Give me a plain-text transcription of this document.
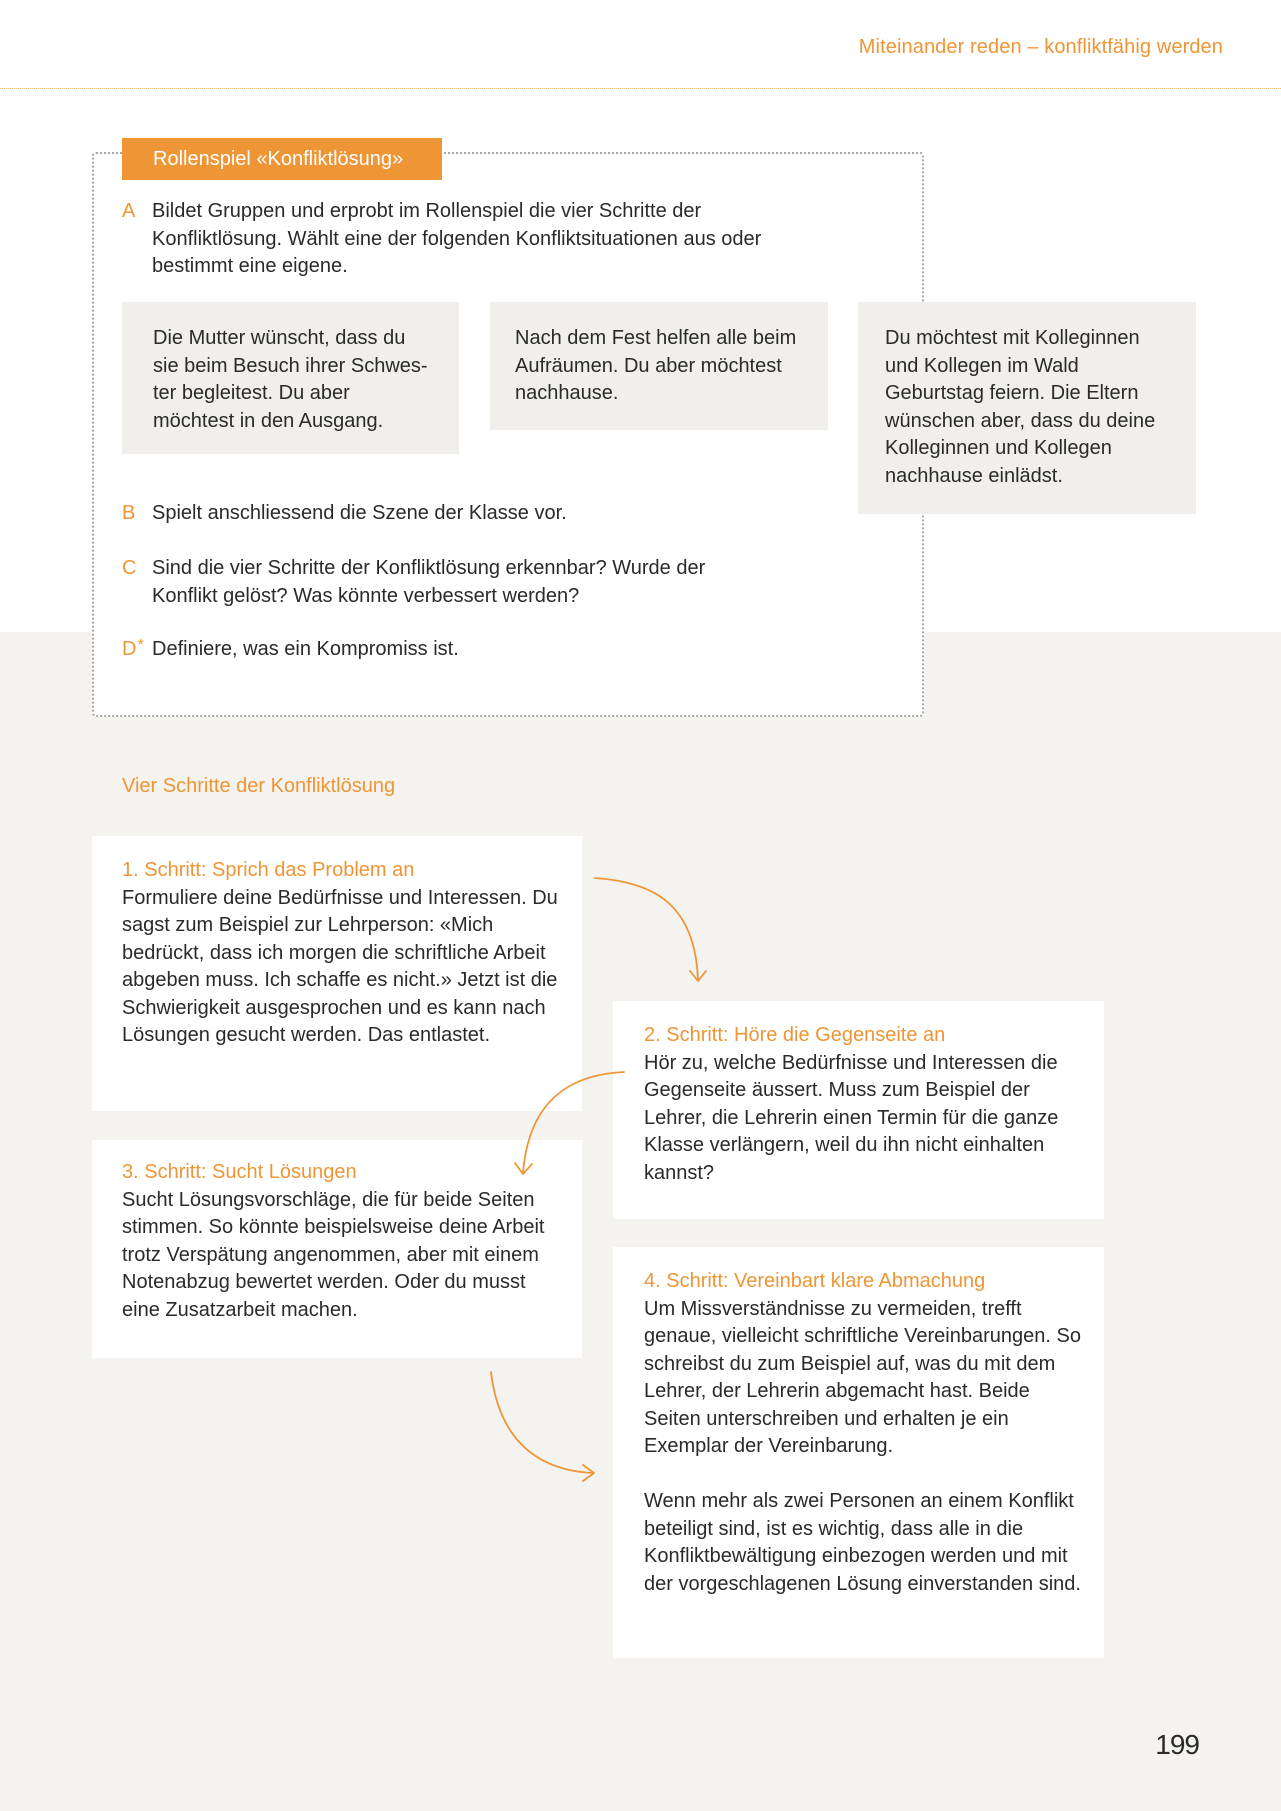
Miteinander reden – konfliktfähig werden
Rollenspiel «Konfliktlösung»
A Bildet Gruppen und erprobt im Rollenspiel die vier Schritte der Konfliktlösung. Wählt eine der folgenden Konfliktsituationen aus oder bestimmt eine eigene.
Die Mutter wünscht, dass du sie beim Besuch ihrer Schwes-ter begleitest. Du aber möchtest in den Ausgang.
Nach dem Fest helfen alle beim Aufräumen. Du aber möchtest nachhause.
Du möchtest mit Kolleginnen und Kollegen im Wald Geburtstag feiern. Die Eltern wünschen aber, dass du deine Kolleginnen und Kollegen nachhause einlädst.
B Spielt anschliessend die Szene der Klasse vor.
C Sind die vier Schritte der Konfliktlösung erkennbar? Wurde der Konflikt gelöst? Was könnte verbessert werden?
D* Definiere, was ein Kompromiss ist.
Vier Schritte der Konfliktlösung
1. Schritt: Sprich das Problem an

Formuliere deine Bedürfnisse und Interessen. Du sagst zum Beispiel zur Lehrperson: «Mich bedrückt, dass ich morgen die schriftliche Arbeit abgeben muss. Ich schaffe es nicht.» Jetzt ist die Schwierigkeit ausgesprochen und es kann nach Lösungen gesucht werden. Das entlastet.	2. Schritt: Höre die Gegenseite an

Hör zu, welche Bedürfnisse und Interessen die Gegenseite äussert. Muss zum Beispiel der Lehrer, die Lehrerin einen Termin für die ganze Klasse verlängern, weil du ihn nicht einhalten kannst?

3. Schritt: Sucht Lösungen

Sucht Lösungsvorschläge, die für beide Seiten stimmen. So könnte beispielsweise deine Arbeit trotz Verspätung angenommen, aber mit einem Notenabzug bewertet werden. Oder du musst eine Zusatzarbeit machen.

4. Schritt: Vereinbart klare Abmachung

Um Missverständnisse zu vermeiden, trefft genaue, vielleicht schriftliche Vereinbarungen. So schreibst du zum Beispiel auf, was du mit dem Lehrer, der Lehrerin abgemacht hast. Beide Seiten unterschreiben und erhalten je ein Exemplar der Vereinbarung.

Wenn mehr als zwei Personen an einem Konflikt beteiligt sind, ist es wichtig, dass alle in die Konfliktbewältigung einbezogen werden und mit der vorgeschlagenen Lösung einverstanden sind.

199
